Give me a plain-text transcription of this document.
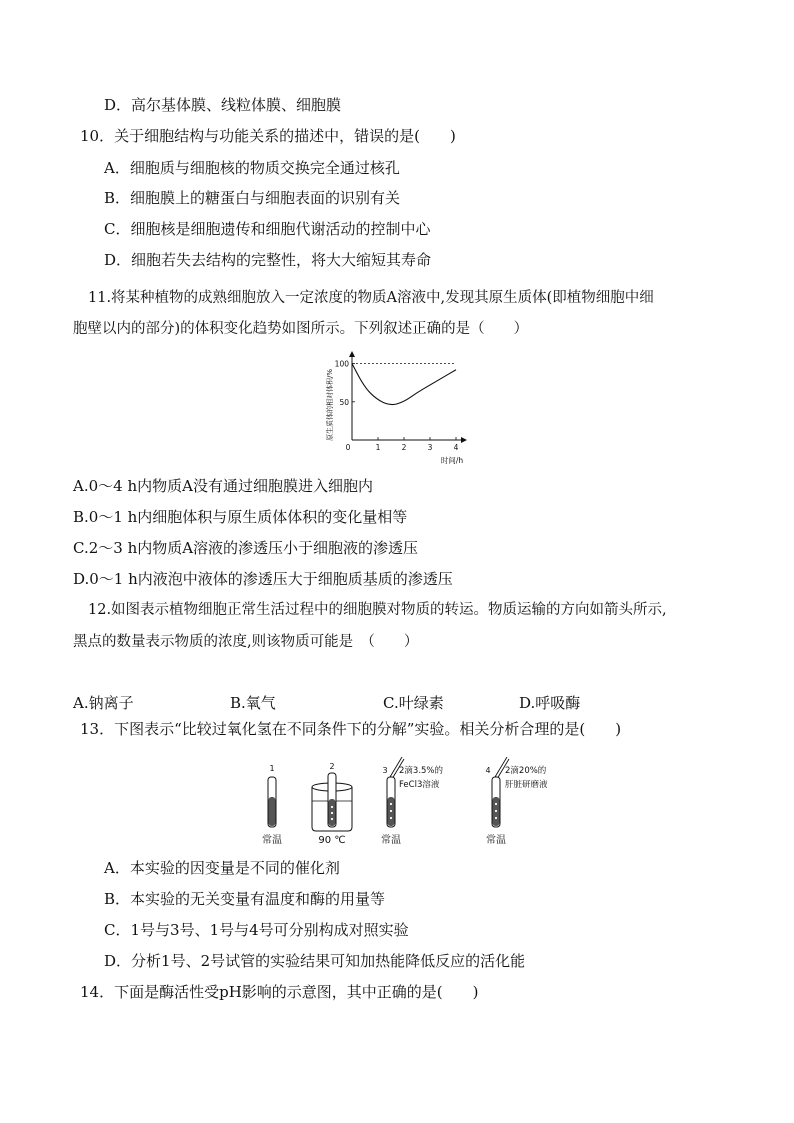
D．高尔基体膜、线粒体膜、细胞膜
10．关于细胞结构与功能关系的描述中，错误的是(　　)
A．细胞质与细胞核的物质交换完全通过核孔
B．细胞膜上的糖蛋白与细胞表面的识别有关
C．细胞核是细胞遗传和细胞代谢活动的控制中心
D．细胞若失去结构的完整性，将大大缩短其寿命
11.将某种植物的成熟细胞放入一定浓度的物质A溶液中,发现其原生质体(即植物细胞中细
胞壁以内的部分)的体积变化趋势如图所示。下列叙述正确的是（　　）
0	1	2	3	4
50
100
原生质体的相对体积/%
时间/h
A.0～4 h内物质A没有通过细胞膜进入细胞内
B.0～1 h内细胞体积与原生质体体积的变化量相等
C.2～3 h内物质A溶液的渗透压小于细胞液的渗透压
D.0～1 h内液泡中液体的渗透压大于细胞质基质的渗透压
12.如图表示植物细胞正常生活过程中的细胞膜对物质的转运。物质运输的方向如箭头所示,
黑点的数量表示物质的浓度,则该物质可能是　（　　）
A.钠离子	B.氧气	C.叶绿素	D.呼吸酶
13．下图表示“比较过氧化氢在不同条件下的分解”实验。相关分析合理的是(　　)
1
常温
2
90 ℃
3 2滴3.5%的
FeCl3溶液
常温
4 2滴20%的
肝脏研磨液
常温
A．本实验的因变量是不同的催化剂
B．本实验的无关变量有温度和酶的用量等
C．1号与3号、1号与4号可分别构成对照实验
D．分析1号、2号试管的实验结果可知加热能降低反应的活化能
14．下面是酶活性受pH影响的示意图，其中正确的是(　　)
